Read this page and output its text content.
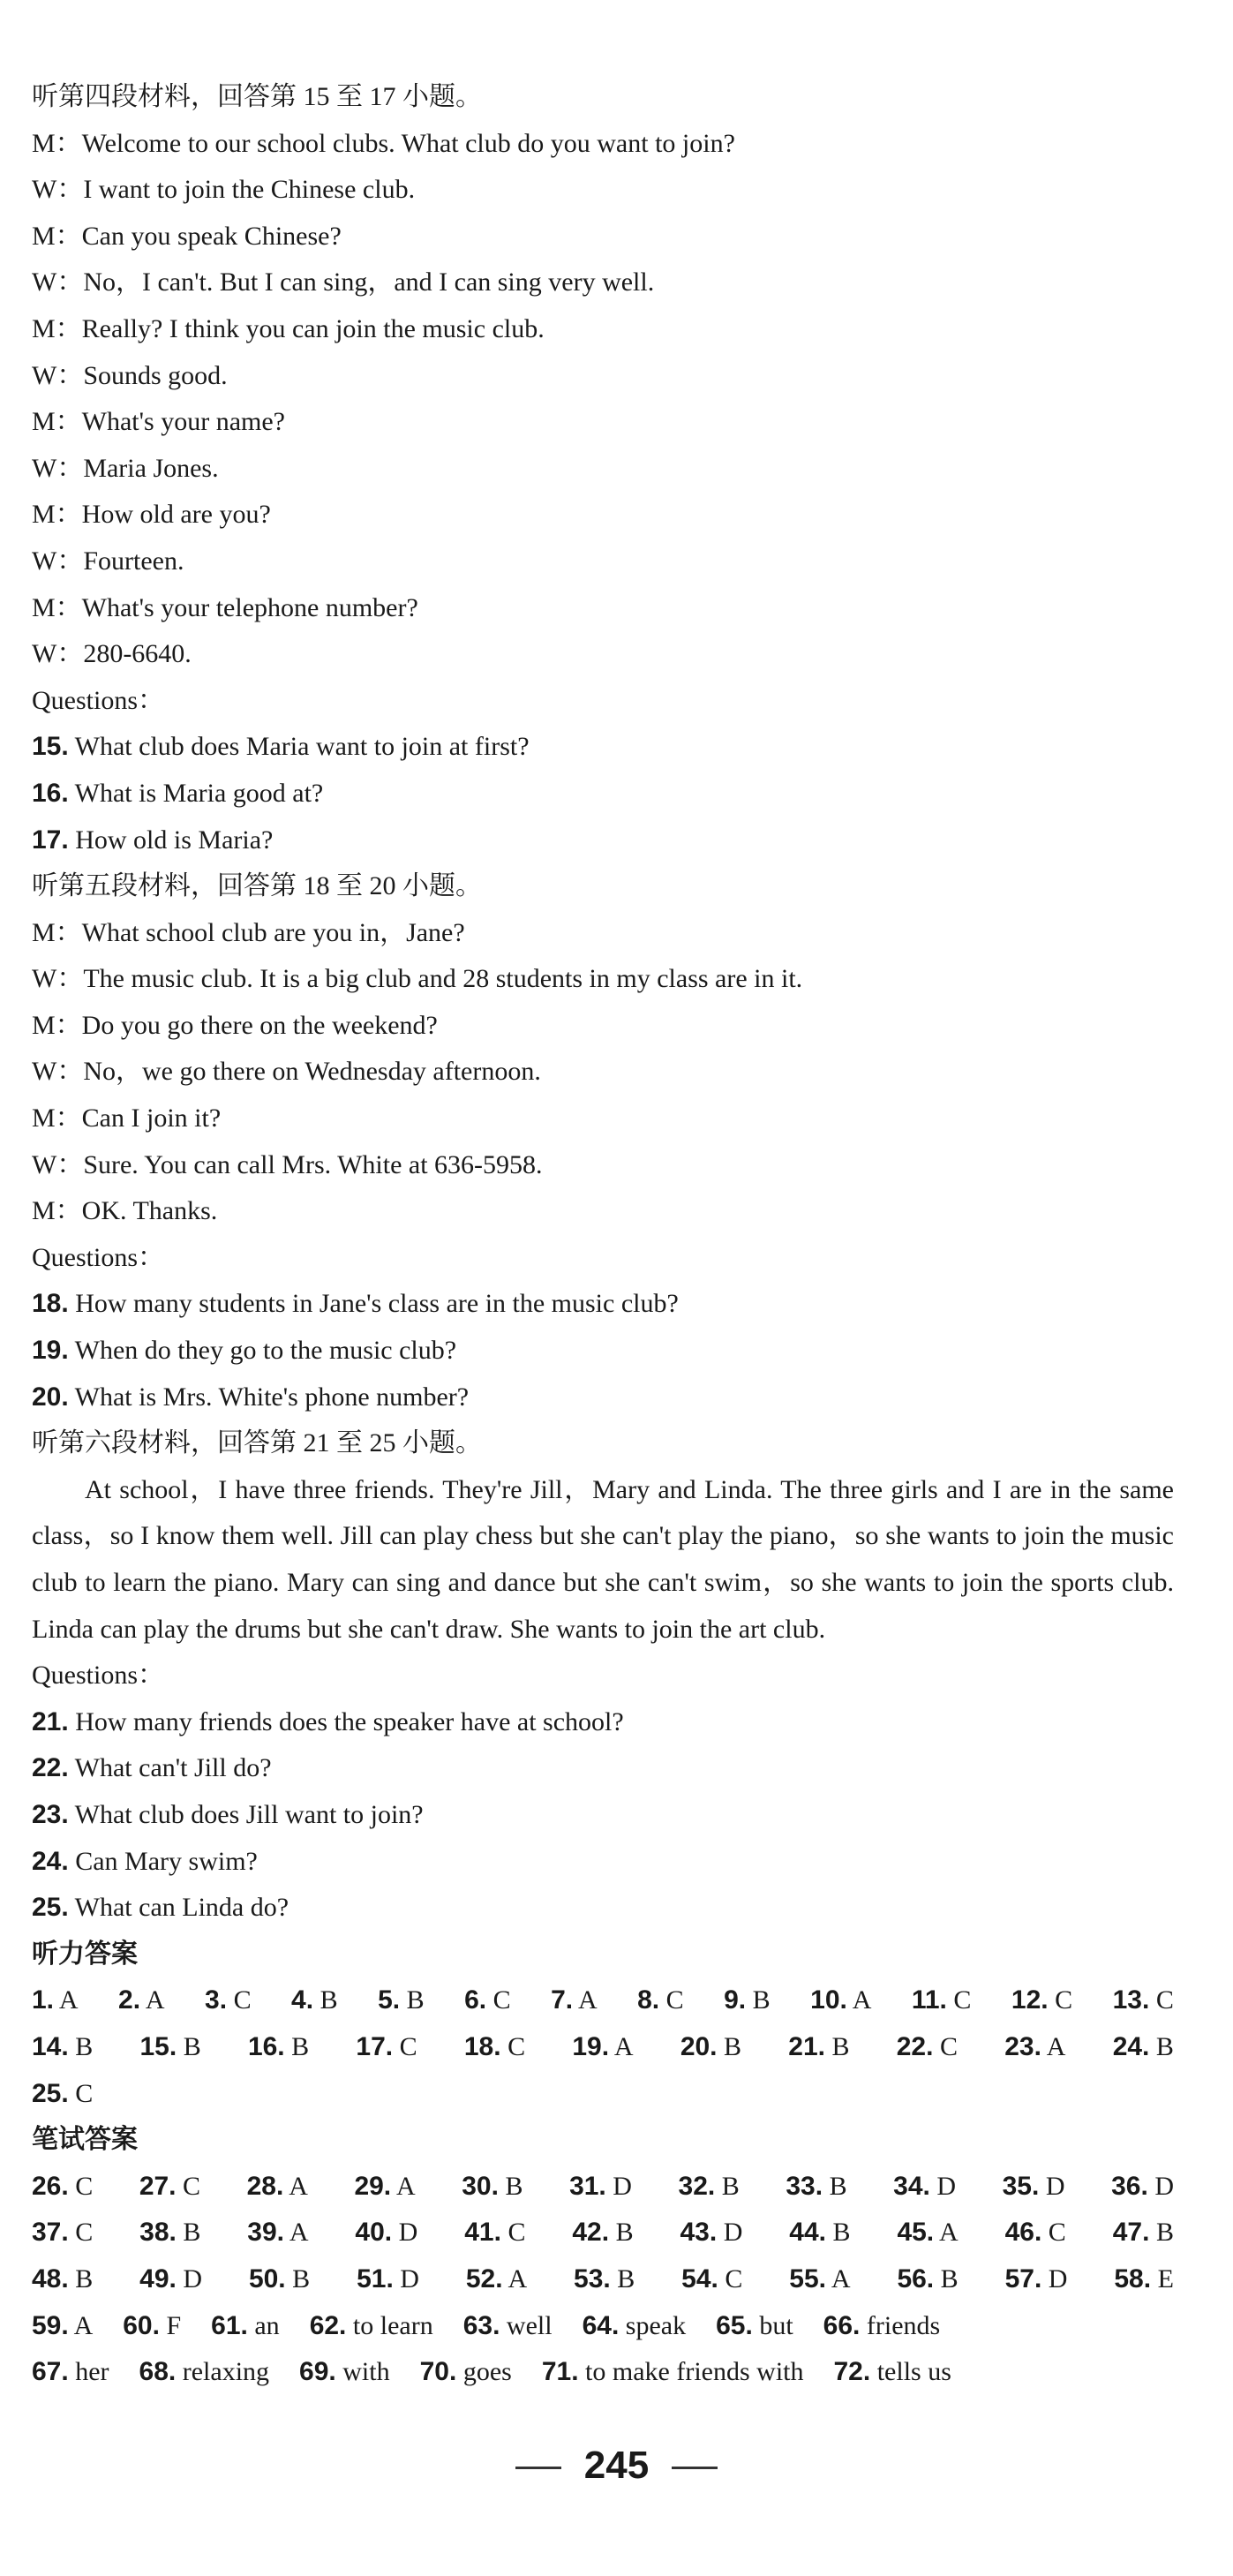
听第四段材料，回答第 15 至 17 小题。
M：Welcome to our school clubs. What club do you want to join?
W：I want to join the Chinese club.
M：Can you speak Chinese?
W：No，I can't. But I can sing，and I can sing very well.
M：Really? I think you can join the music club.
W：Sounds good.
M：What's your name?
W：Maria Jones.
M：How old are you?
W：Fourteen.
M：What's your telephone number?
W：280-6640.
Questions：
15. What club does Maria want to join at first?
16. What is Maria good at?
17. How old is Maria?
听第五段材料，回答第 18 至 20 小题。
M：What school club are you in，Jane?
W：The music club. It is a big club and 28 students in my class are in it.
M：Do you go there on the weekend?
W：No，we go there on Wednesday afternoon.
M：Can I join it?
W：Sure. You can call Mrs. White at 636-5958.
M：OK. Thanks.
Questions：
18. How many students in Jane's class are in the music club?
19. When do they go to the music club?
20. What is Mrs. White's phone number?
听第六段材料，回答第 21 至 25 小题。
At school，I have three friends. They're Jill，Mary and Linda. The three girls and I are in the same class，so I know them well. Jill can play chess but she can't play the piano，so she wants to join the music club to learn the piano. Mary can sing and dance but she can't swim，so she wants to join the sports club. Linda can play the drums but she can't draw. She wants to join the art club.
Questions：
21. How many friends does the speaker have at school?
22. What can't Jill do?
23. What club does Jill want to join?
24. Can Mary swim?
25. What can Linda do?
听力答案
1. A 2. A 3. C 4. B 5. B 6. C 7. A 8. C 9. B 10. A 11. C 12. C 13. C
14. B 15. B 16. B 17. C 18. C 19. A 20. B 21. B 22. C 23. A 24. B
25. C
笔试答案
26. C 27. C 28. A 29. A 30. B 31. D 32. B 33. B 34. D 35. D 36. D
37. C 38. B 39. A 40. D 41. C 42. B 43. D 44. B 45. A 46. C 47. B
48. B 49. D 50. B 51. D 52. A 53. B 54. C 55. A 56. B 57. D 58. E
59. A 60. F 61. an 62. to learn 63. well 64. speak 65. but 66. friends
67. her 68. relaxing 69. with 70. goes 71. to make friends with 72. tells us
245
